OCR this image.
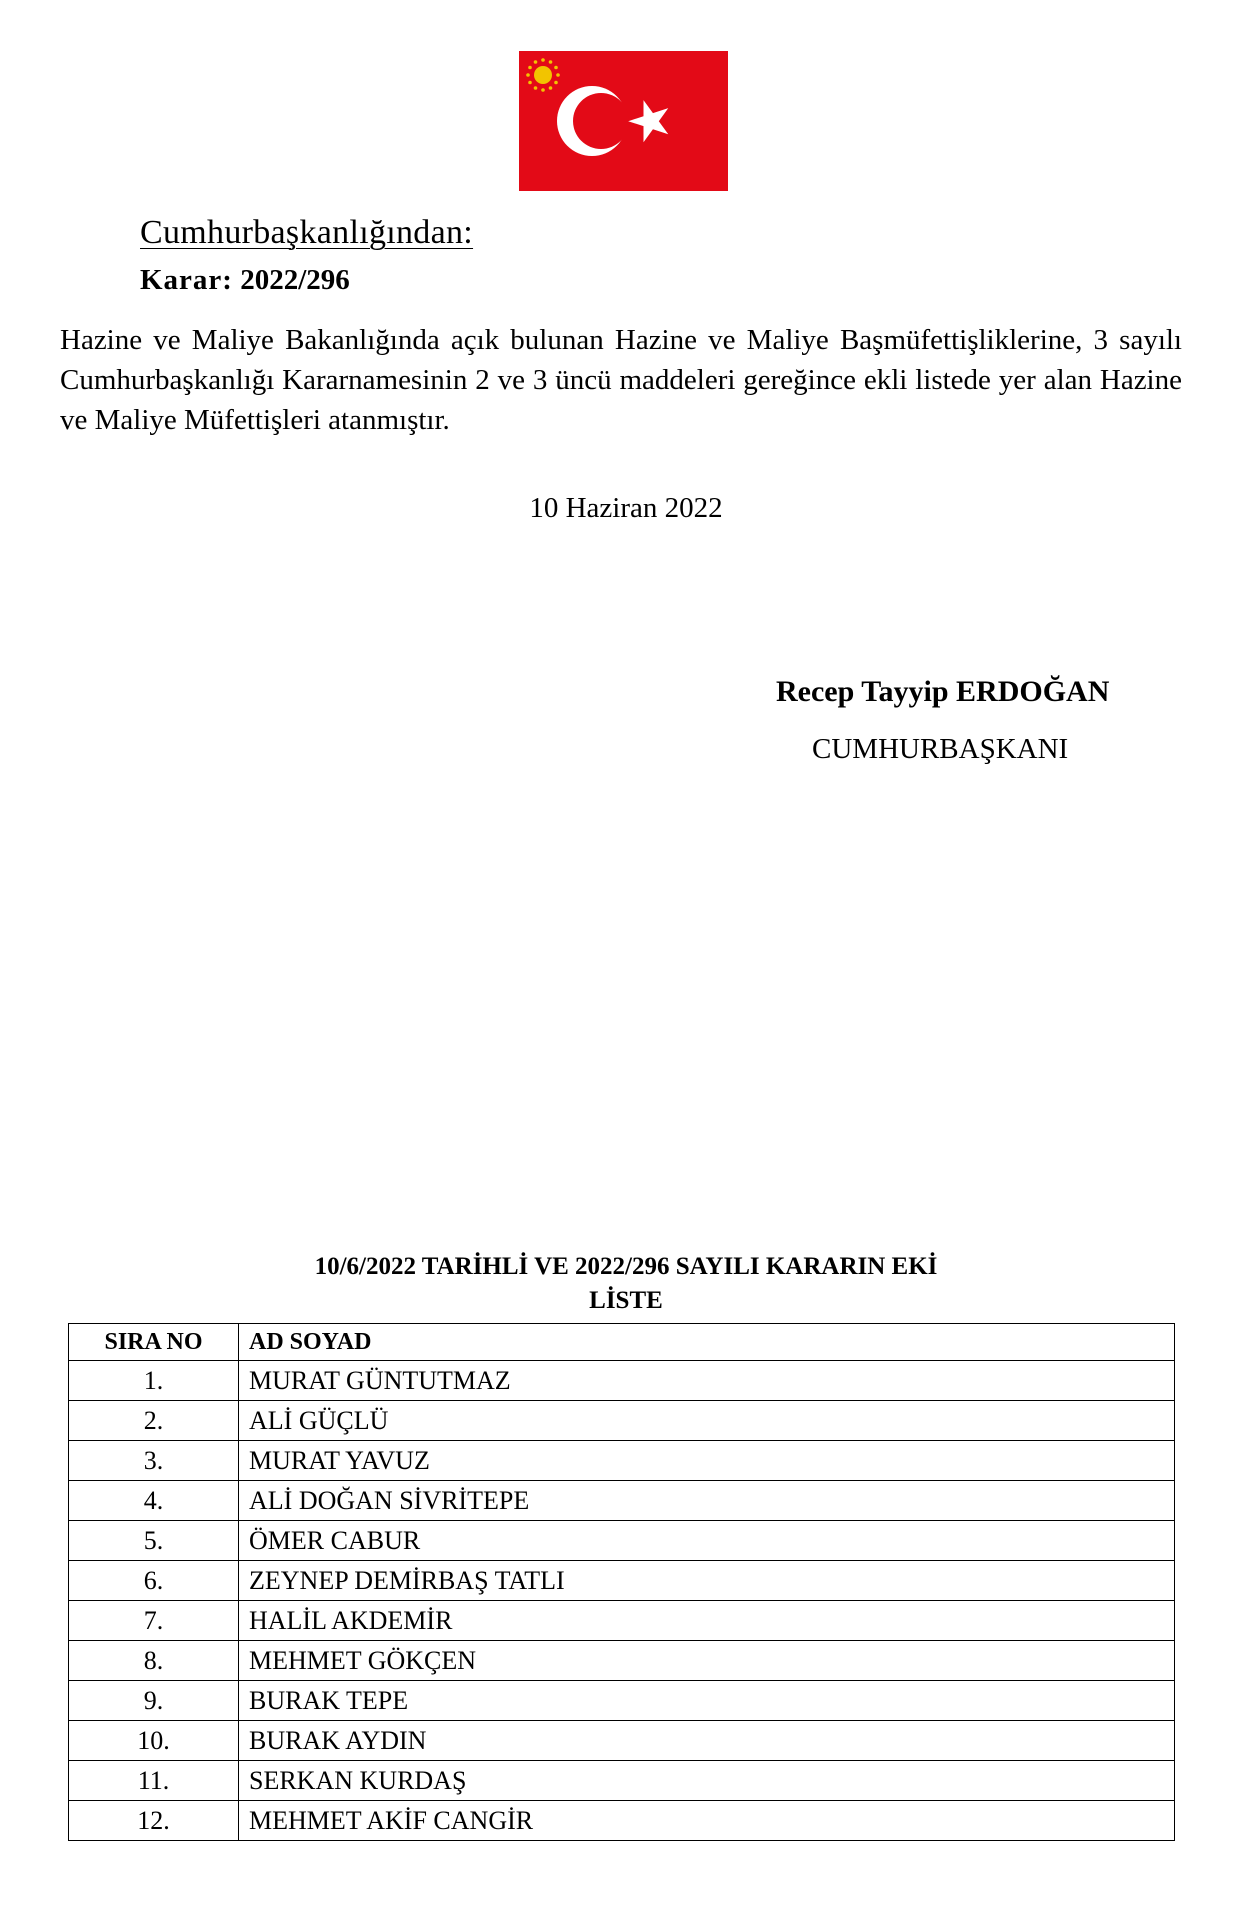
Cumhurbaşkanlığından:
Karar: 2022/296
Hazine ve Maliye Bakanlığında açık bulunan Hazine ve Maliye Başmüfettişliklerine, 3 sayılı Cumhurbaşkanlığı Kararnamesinin 2 ve 3 üncü maddeleri gereğince ekli listede yer alan Hazine ve Maliye Müfettişleri atanmıştır.
10 Haziran 2022
Recep Tayyip ERDOĞAN
CUMHURBAŞKANI
10/6/2022 TARİHLİ VE 2022/296 SAYILI KARARIN EKİ
LİSTE
SIRA NO	AD SOYAD
1.	MURAT GÜNTUTMAZ
2.	ALİ GÜÇLÜ
3.	MURAT YAVUZ
4.	ALİ DOĞAN SİVRİTEPE
5.	ÖMER CABUR
6.	ZEYNEP DEMİRBAŞ TATLI
7.	HALİL AKDEMİR
8.	MEHMET GÖKÇEN
9.	BURAK TEPE
10.	BURAK AYDIN
11.	SERKAN KURDAŞ
12.	MEHMET AKİF CANGİR
